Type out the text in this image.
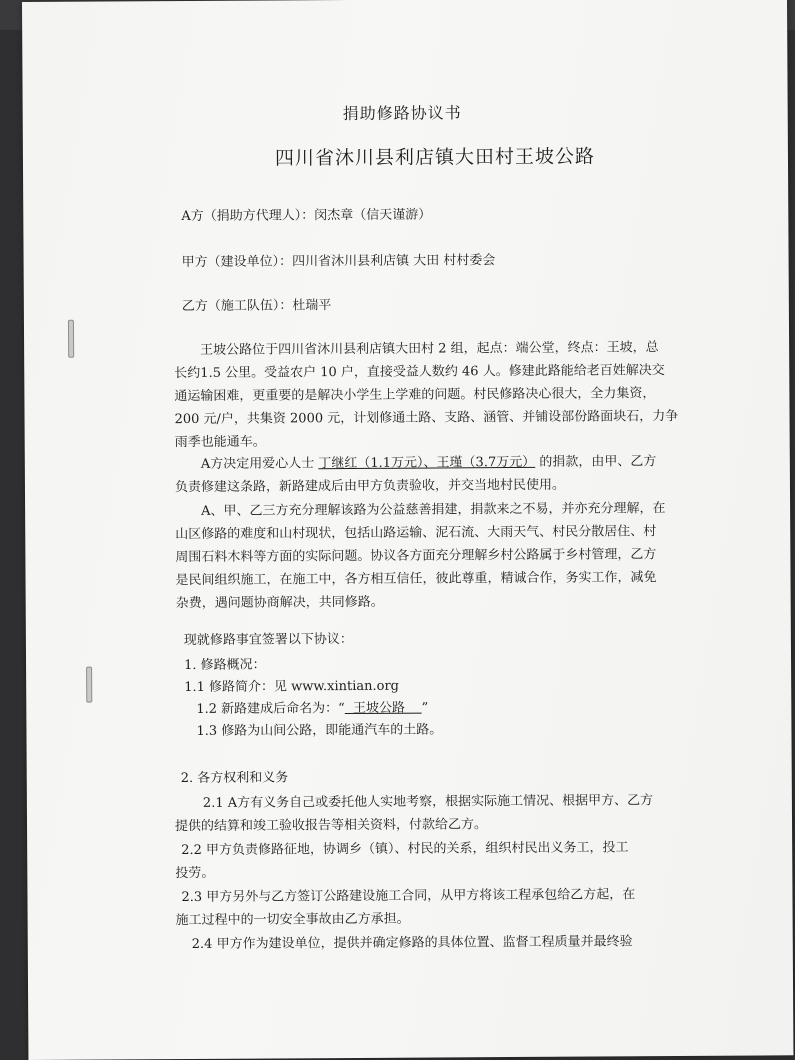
捐助修路协议书
四川省沐川县利店镇大田村王坡公路
A方（捐助方代理人）：闵杰章（信天谨游）
甲方（建设单位）：四川省沐川县利店镇 大田 村村委会
乙方（施工队伍）：杜瑞平
王坡公路位于四川省沐川县利店镇大田村 2 组，起点：端公堂，终点：王坡，总
长约1.5 公里。受益农户 10 户，直接受益人数约 46 人。修建此路能给老百姓解决交
通运输困难，更重要的是解决小学生上学难的问题。村民修路决心很大，全力集资，
200 元/户，共集资 2000 元，计划修通土路、支路、涵管、并铺设部份路面块石，力争
雨季也能通车。
A方决定用爱心人士 丁继红（1.1万元）、王瑾（3.7万元） 的捐款，由甲、乙方
负责修建这条路，新路建成后由甲方负责验收，并交当地村民使用。
A、甲、乙三方充分理解该路为公益慈善捐建，捐款来之不易，并亦充分理解，在
山区修路的难度和山村现状，包括山路运输、泥石流、大雨天气、村民分散居住、村
周围石料木料等方面的实际问题。协议各方面充分理解乡村公路属于乡村管理，乙方
是民间组织施工，在施工中，各方相互信任，彼此尊重，精诚合作，务实工作，减免
杂费，遇问题协商解决，共同修路。
现就修路事宜签署以下协议：
1. 修路概况：
1.1 修路简介：见 www.xintian.org
1.2 新路建成后命名为：“  王坡公路    ”
1.3 修路为山间公路，即能通汽车的土路。
2. 各方权利和义务
2.1 A方有义务自己或委托他人实地考察，根据实际施工情况、根据甲方、乙方
提供的结算和竣工验收报告等相关资料，付款给乙方。
2.2 甲方负责修路征地，协调乡（镇）、村民的关系，组织村民出义务工，投工
投劳。
2.3 甲方另外与乙方签订公路建设施工合同，从甲方将该工程承包给乙方起，在
施工过程中的一切安全事故由乙方承担。
2.4 甲方作为建设单位，提供并确定修路的具体位置、监督工程质量并最终验
